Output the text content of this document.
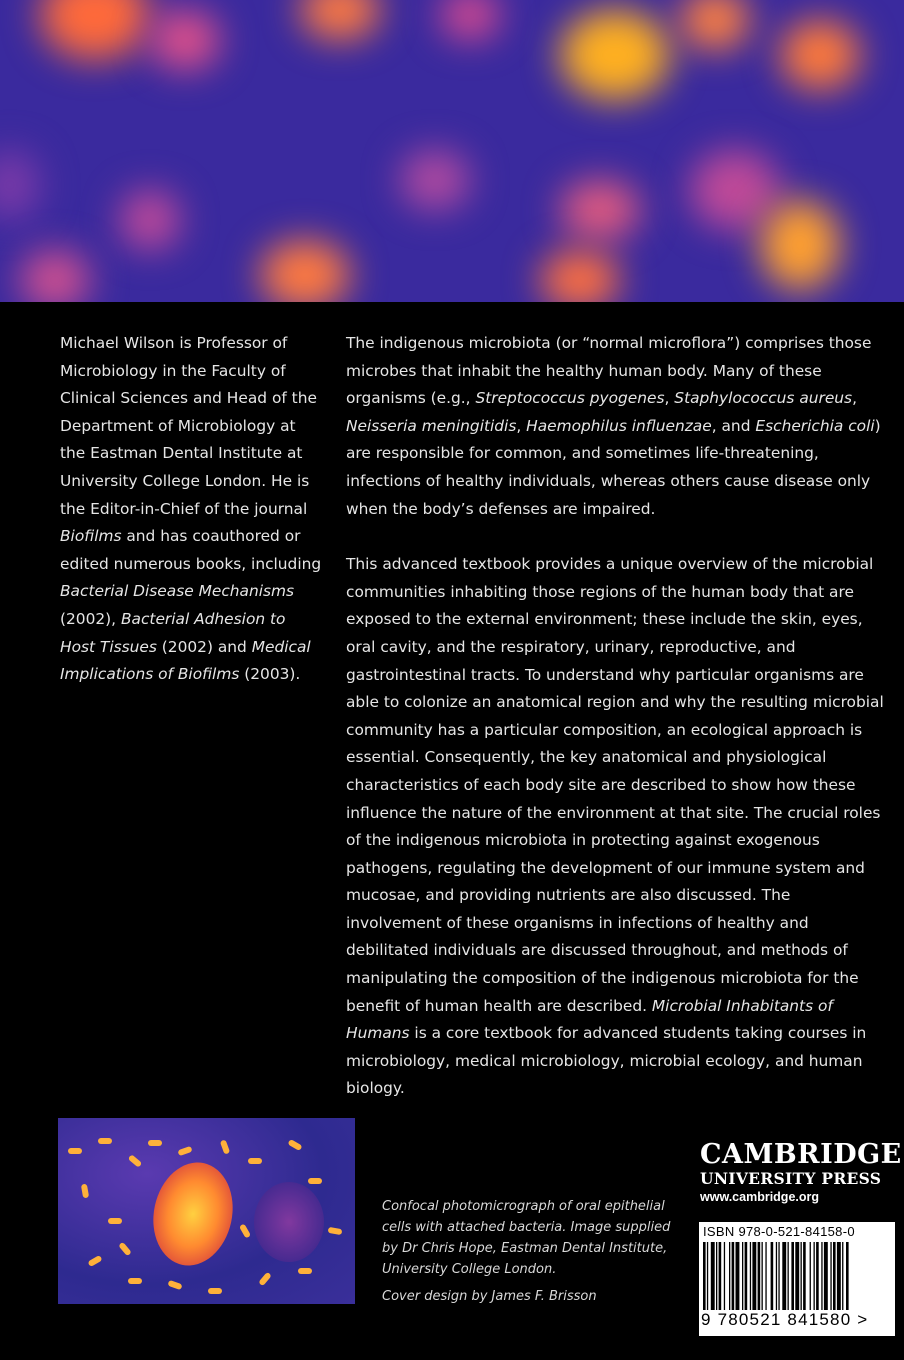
Michael Wilson is Professor of Microbiology in the Faculty of Clinical Sciences and Head of the Department of Microbiology at the Eastman Dental Institute at University College London. He is the Editor-in-Chief of the journal Biofilms and has coauthored or edited numerous books, including Bacterial Disease Mechanisms (2002), Bacterial Adhesion to Host Tissues (2002) and Medical Implications of Biofilms (2003).

The indigenous microbiota (or “normal microflora”) comprises those microbes that inhabit the healthy human body. Many of these organisms (e.g., Streptococcus pyogenes, Staphylococcus aureus, Neisseria meningitidis, Haemophilus influenzae, and Escherichia coli) are responsible for common, and sometimes life-threatening, infections of healthy individuals, whereas others cause disease only when the body’s defenses are impaired.

This advanced textbook provides a unique overview of the microbial communities inhabiting those regions of the human body that are exposed to the external environment; these include the skin, eyes, oral cavity, and the respiratory, urinary, reproductive, and gastrointestinal tracts. To understand why particular organisms are able to colonize an anatomical region and why the resulting microbial community has a particular composition, an ecological approach is essential. Consequently, the key anatomical and physiological characteristics of each body site are described to show how these influence the nature of the environment at that site. The crucial roles of the indigenous microbiota in protecting against exogenous pathogens, regulating the development of our immune system and mucosae, and providing nutrients are also discussed. The involvement of these organisms in infections of healthy and debilitated individuals are discussed throughout, and methods of manipulating the composition of the indigenous microbiota for the benefit of human health are described. Microbial Inhabitants of Humans is a core textbook for advanced students taking courses in microbiology, medical microbiology, microbial ecology, and human biology.

Confocal photomicrograph of oral epithelial cells with attached bacteria. Image supplied by Dr Chris Hope, Eastman Dental Institute, University College London.
Cover design by James F. Brisson
CAMBRIDGE
UNIVERSITY PRESS
www.cambridge.org
ISBN 978-0-521-84158-0
9 780521 841580 >
